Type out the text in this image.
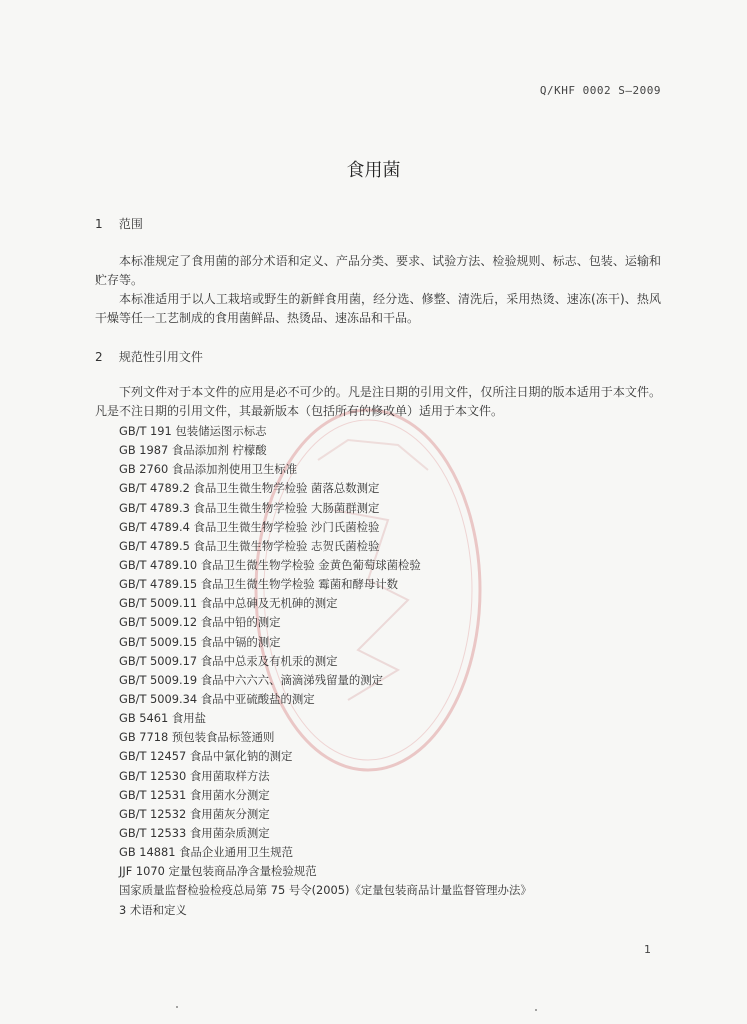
Q/KHF 0002 S—2009
食用菌
1 范围
本标准规定了食用菌的部分术语和定义、产品分类、要求、试验方法、检验规则、标志、包装、运输和贮存等。
本标准适用于以人工栽培或野生的新鲜食用菌，经分选、修整、清洗后，采用热烫、速冻(冻干)、热风干燥等任一工艺制成的食用菌鲜品、热烫品、速冻品和干品。
2 规范性引用文件
下列文件对于本文件的应用是必不可少的。凡是注日期的引用文件，仅所注日期的版本适用于本文件。凡是不注日期的引用文件，其最新版本（包括所有的修改单）适用于本文件。
GB/T 191 包装储运图示标志
GB 1987 食品添加剂 柠檬酸
GB 2760 食品添加剂使用卫生标准
GB/T 4789.2 食品卫生微生物学检验 菌落总数测定
GB/T 4789.3 食品卫生微生物学检验 大肠菌群测定
GB/T 4789.4 食品卫生微生物学检验 沙门氏菌检验
GB/T 4789.5 食品卫生微生物学检验 志贺氏菌检验
GB/T 4789.10 食品卫生微生物学检验 金黄色葡萄球菌检验
GB/T 4789.15 食品卫生微生物学检验 霉菌和酵母计数
GB/T 5009.11 食品中总砷及无机砷的测定
GB/T 5009.12 食品中铅的测定
GB/T 5009.15 食品中镉的测定
GB/T 5009.17 食品中总汞及有机汞的测定
GB/T 5009.19 食品中六六六、滴滴涕残留量的测定
GB/T 5009.34 食品中亚硫酸盐的测定
GB 5461 食用盐
GB 7718 预包装食品标签通则
GB/T 12457 食品中氯化钠的测定
GB/T 12530 食用菌取样方法
GB/T 12531 食用菌水分测定
GB/T 12532 食用菌灰分测定
GB/T 12533 食用菌杂质测定
GB 14881 食品企业通用卫生规范
JJF 1070 定量包装商品净含量检验规范
国家质量监督检验检疫总局第 75 号令(2005)《定量包装商品计量监督管理办法》
3 术语和定义
1
